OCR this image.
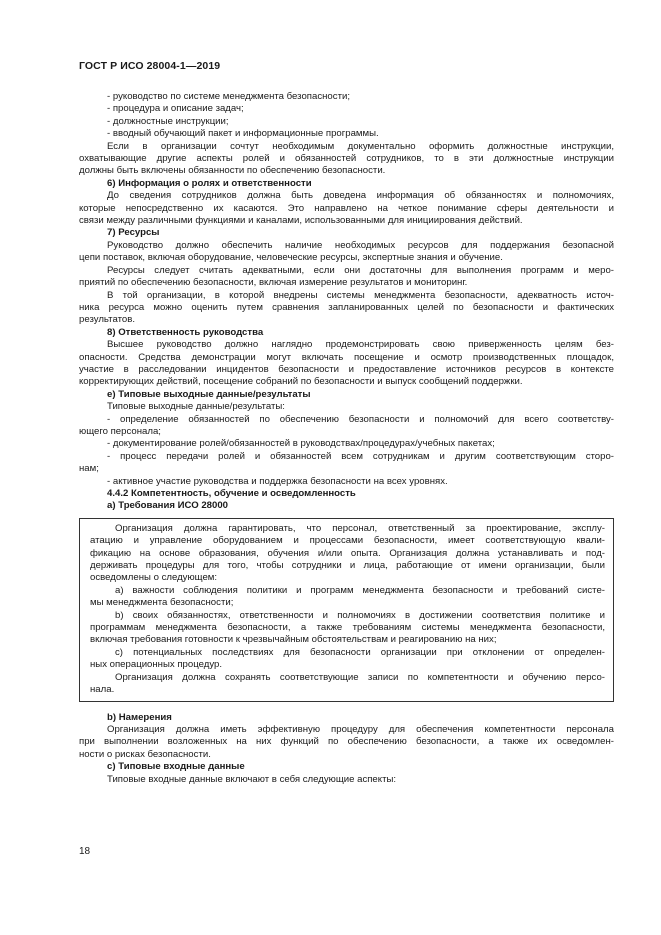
ГОСТ Р ИСО 28004-1—2019
- руководство по системе менеджмента безопасности;
- процедура и описание задач;
- должностные инструкции;
- вводный обучающий пакет и информационные программы.
Если в организации сочтут необходимым документально оформить должностные инструкции,
охватывающие другие аспекты ролей и обязанностей сотрудников, то в эти должностные инструкции
должны быть включены обязанности по обеспечению безопасности.
6) Информация о ролях и ответственности
До сведения сотрудников должна быть доведена информация об обязанностях и полномочиях,
которые непосредственно их касаются. Это направлено на четкое понимание сферы деятельности и
связи между различными функциями и каналами, использованными для инициирования действий.
7) Ресурсы
Руководство должно обеспечить наличие необходимых ресурсов для поддержания безопасной
цепи поставок, включая оборудование, человеческие ресурсы, экспертные знания и обучение.
Ресурсы следует считать адекватными, если они достаточны для выполнения программ и меро-
приятий по обеспечению безопасности, включая измерение результатов и мониторинг.
В той организации, в которой внедрены системы менеджмента безопасности, адекватность источ-
ника ресурса можно оценить путем сравнения запланированных целей по безопасности и фактических
результатов.
8) Ответственность руководства
Высшее руководство должно наглядно продемонстрировать свою приверженность целям без-
опасности. Средства демонстрации могут включать посещение и осмотр производственных площадок,
участие в расследовании инцидентов безопасности и предоставление источников ресурсов в контексте
корректирующих действий, посещение собраний по безопасности и выпуск сообщений поддержки.
е) Типовые выходные данные/результаты
Типовые выходные данные/результаты:
- определение обязанностей по обеспечению безопасности и полномочий для всего соответству-
ющего персонала;
- документирование ролей/обязанностей в руководствах/процедурах/учебных пакетах;
- процесс передачи ролей и обязанностей всем сотрудникам и другим соответствующим сторо-
нам;
- активное участие руководства и поддержка безопасности на всех уровнях.
4.4.2 Компетентность, обучение и осведомленность
а) Требования ИСО 28000
Организация должна гарантировать, что персонал, ответственный за проектирование, эксплу-
атацию и управление оборудованием и процессами безопасности, имеет соответствующую квали-
фикацию на основе образования, обучения и/или опыта. Организация должна устанавливать и под-
держивать процедуры для того, чтобы сотрудники и лица, работающие от имени организации, были
осведомлены о следующем:
a) важности соблюдения политики и программ менеджмента безопасности и требований систе-
мы менеджмента безопасности;
b) своих обязанностях, ответственности и полномочиях в достижении соответствия политике и
программам менеджмента безопасности, а также требованиям системы менеджмента безопасности,
включая требования готовности к чрезвычайным обстоятельствам и реагированию на них;
c) потенциальных последствиях для безопасности организации при отклонении от определен-
ных операционных процедур.
Организация должна сохранять соответствующие записи по компетентности и обучению персо-
нала.
b) Намерения
Организация должна иметь эффективную процедуру для обеспечения компетентности персонала
при выполнении возложенных на них функций по обеспечению безопасности, а также их осведомлен-
ности о рисках безопасности.
c) Типовые входные данные
Типовые входные данные включают в себя следующие аспекты:
18
